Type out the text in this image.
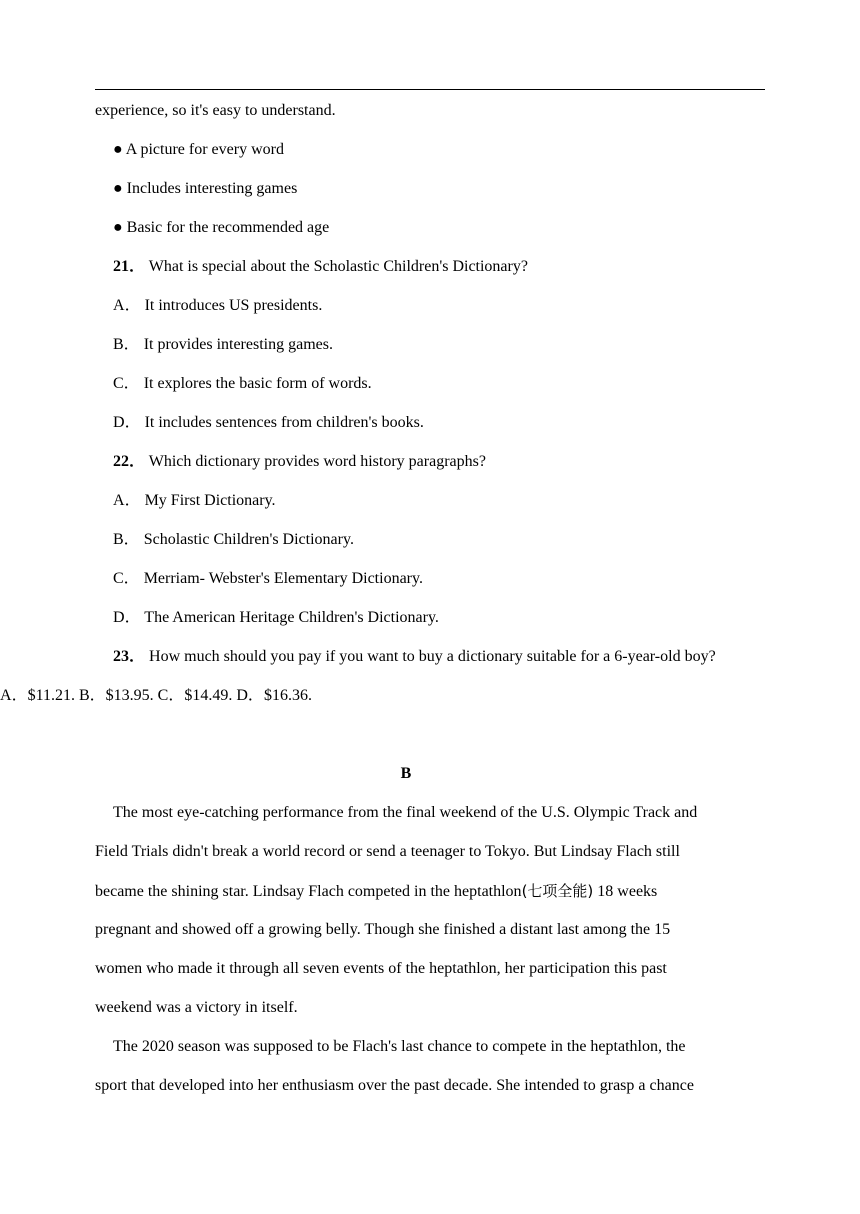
experience, so it's easy to understand.
● A picture for every word
● Includes interesting games
● Basic for the recommended age
21． What is special about the Scholastic Children's Dictionary?
A． It introduces US presidents.
B． It provides interesting games.
C． It explores the basic form of words.
D． It includes sentences from children's books.
22． Which dictionary provides word history paragraphs?
A． My First Dictionary.
B． Scholastic Children's Dictionary.
C． Merriam- Webster's Elementary Dictionary.
D． The American Heritage Children's Dictionary.
23． How much should you pay if you want to buy a dictionary suitable for a 6-year-old boy?
A．$11.21. B．$13.95. C．$14.49. D．$16.36.
B
The most eye-catching performance from the final weekend of the U.S. Olympic Track and
Field Trials didn't break a world record or send a teenager to Tokyo. But Lindsay Flach still
became the shining star. Lindsay Flach competed in the heptathlon(七项全能) 18 weeks
pregnant and showed off a growing belly. Though she finished a distant last among the 15
women who made it through all seven events of the heptathlon, her participation this past
weekend was a victory in itself.
The 2020 season was supposed to be Flach's last chance to compete in the heptathlon, the
sport that developed into her enthusiasm over the past decade. She intended to grasp a chance
